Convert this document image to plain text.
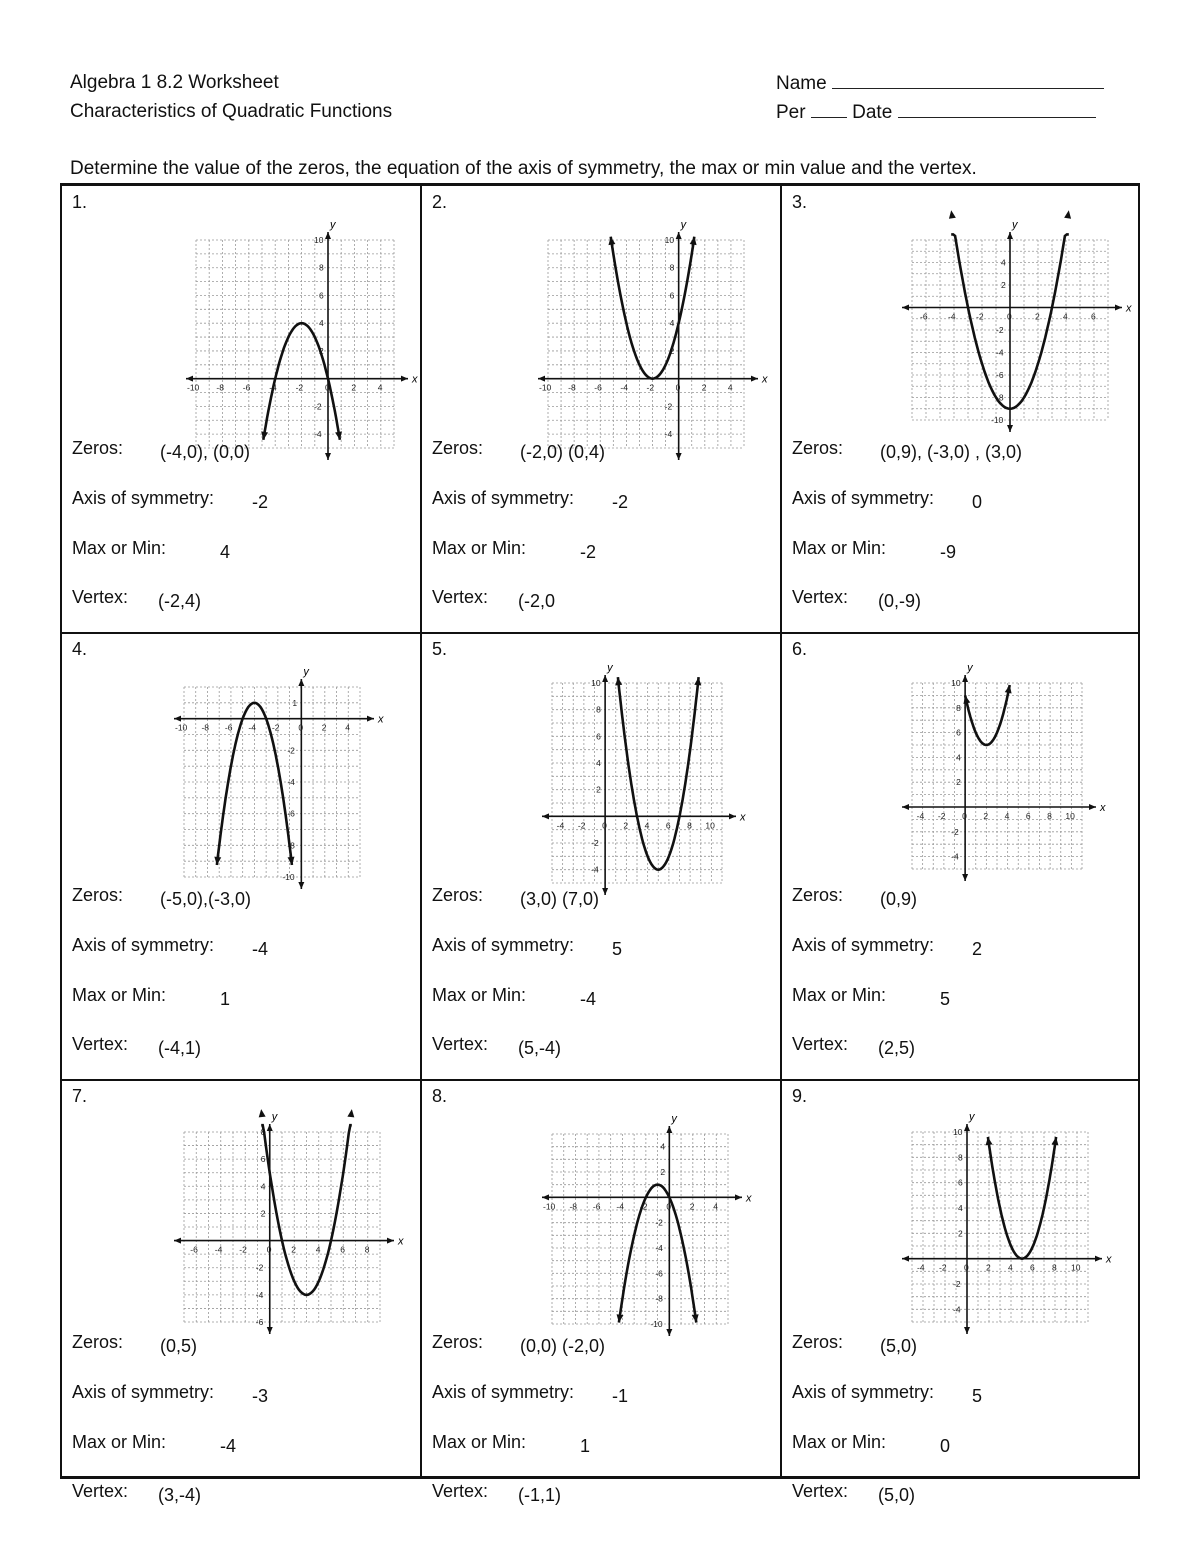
Algebra 1 8.2 Worksheet
Characteristics of Quadratic Functions
Name
Per Date
Determine the value of the zeros, the equation of the axis of symmetry, the max or min value and the vertex.
1.
x
y
-10 -8 -6 -4 -2	0	2	4
10
8
6
4
2
-2
-4
Zeros: (-4,0), (0,0)
Axis of symmetry: -2
Max or Min:	4
Vertex: (-2,4)
2.
x
y
-10 -8 -6 -4 -2	0	2	4
10
8
6
4
2
-2
-4
Zeros: (-2,0) (0,4)
Axis of symmetry: -2
Max or Min:	-2
Vertex: (-2,0
3.
x
y
-6 -4 -2	0	2	4	6
4
2
-2
-4
-6
-8
-10
Zeros: (0,9), (-3,0) , (3,0)
Axis of symmetry: 0
Max or Min:	-9
Vertex: (0,-9)
4.
x
y
-10 -8 -6 -4 -2 0 2 4
1
-2
-4
-6
-8
-10
Zeros: (-5,0),(-3,0)
Axis of symmetry: -4
Max or Min:	1
Vertex: (-4,1)
5.
x
y
-4 -2 0 2 4 6 8 10
10
8
6
4
2
-2
-4
Zeros: (3,0) (7,0)
Axis of symmetry: 5
Max or Min:	-4
Vertex: (5,-4)
6.
x
y
-4 -2 0 2 4 6 8 10
10
8
6
4
2
-2
-4
Zeros: (0,9)
Axis of symmetry: 2
Max or Min:	5
Vertex: (2,5)
7.
x
y
-6 -4 -2 0 2 4 6 8
8
6
4
2
-2
-4
-6
Zeros: (0,5)
Axis of symmetry: -3
Max or Min:	-4
Vertex: (3,-4)
8.
x
y
-10 -8 -6 -4 -2 0 2 4
4
2
-2
-4
-6
-8
-10
Zeros: (0,0) (-2,0)
Axis of symmetry: -1
Max or Min:	1
Vertex: (-1,1)
9.
x
y
-4 -2 0 2 4 6 8 10
10
8
6
4
2
-2
-4
Zeros: (5,0)
Axis of symmetry: 5
Max or Min:	0
Vertex: (5,0)
